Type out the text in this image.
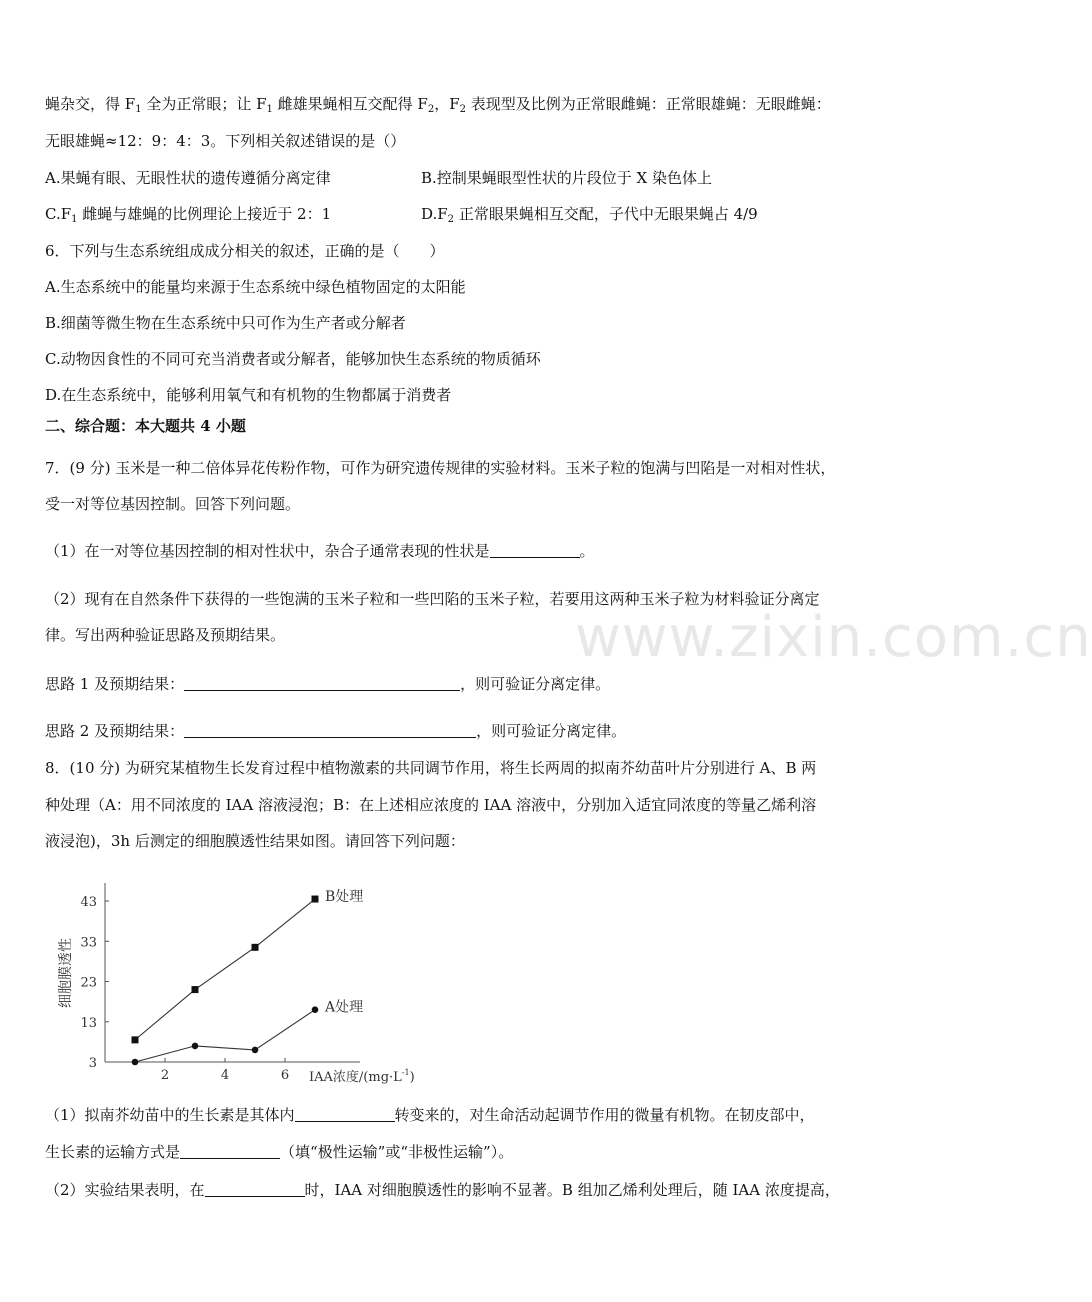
蝇杂交，得 $F_1$ 全为正常眼；让 $F_1$ 雌雄果蝇相互交配得 $F_2$，$F_2$ 表现型及比例为正常眼雌蝇：正常眼雄蝇：无眼雌蝇：
无眼雄蝇≈12：9：4：3。下列相关叙述错误的是（）
A.果蝇有眼、无眼性状的遗传遵循分离定律	B.控制果蝇眼型性状的片段位于 X 染色体上
$C.F_1$ 雌蝇与雄蝇的比例理论上接近于 2：1	$D.F_2$ 正常眼果蝇相互交配，子代中无眼果蝇占 4/9
6．下列与生态系统组成成分相关的叙述，正确的是（　　）
A.生态系统中的能量均来源于生态系统中绿色植物固定的太阳能
B.细菌等微生物在生态系统中只可作为生产者或分解者
C.动物因食性的不同可充当消费者或分解者，能够加快生态系统的物质循环
D.在生态系统中，能够利用氧气和有机物的生物都属于消费者
二、综合题：本大题共 4 小题
7．(9 分) 玉米是一种二倍体异花传粉作物，可作为研究遗传规律的实验材料。玉米子粒的饱满与凹陷是一对相对性状，
受一对等位基因控制。回答下列问题。
（1）在一对等位基因控制的相对性状中，杂合子通常表现的性状是	。
（2）现有在自然条件下获得的一些饱满的玉米子粒和一些凹陷的玉米子粒，若要用这两种玉米子粒为材料验证分离定
律。写出两种验证思路及预期结果。
思路 1 及预期结果：	，则可验证分离定律。
思路 2 及预期结果：	，则可验证分离定律。
8．(10 分) 为研究某植物生长发育过程中植物激素的共同调节作用，将生长两周的拟南芥幼苗叶片分别进行 A、B 两
种处理（A：用不同浓度的 IAA 溶液浸泡；B：在上述相应浓度的 IAA 溶液中，分别加入适宜同浓度的等量乙烯利溶
液浸泡)，3h 后测定的细胞膜透性结果如图。请回答下列问题：
3
13
23
33
43
2	4	6
B处理
A处理
细胞膜透性
IAA浓度$/(mg\cdot L^{-1})$
（1）拟南芥幼苗中的生长素是其体内	转变来的，对生命活动起调节作用的微量有机物。在韧皮部中，
生长素的运输方式是	（填“极性运输”或“非极性运输”）。
（2）实验结果表明，在	时，IAA 对细胞膜透性的影响不显著。B 组加乙烯利处理后，随 IAA 浓度提高，
www.zixin.com.cn
